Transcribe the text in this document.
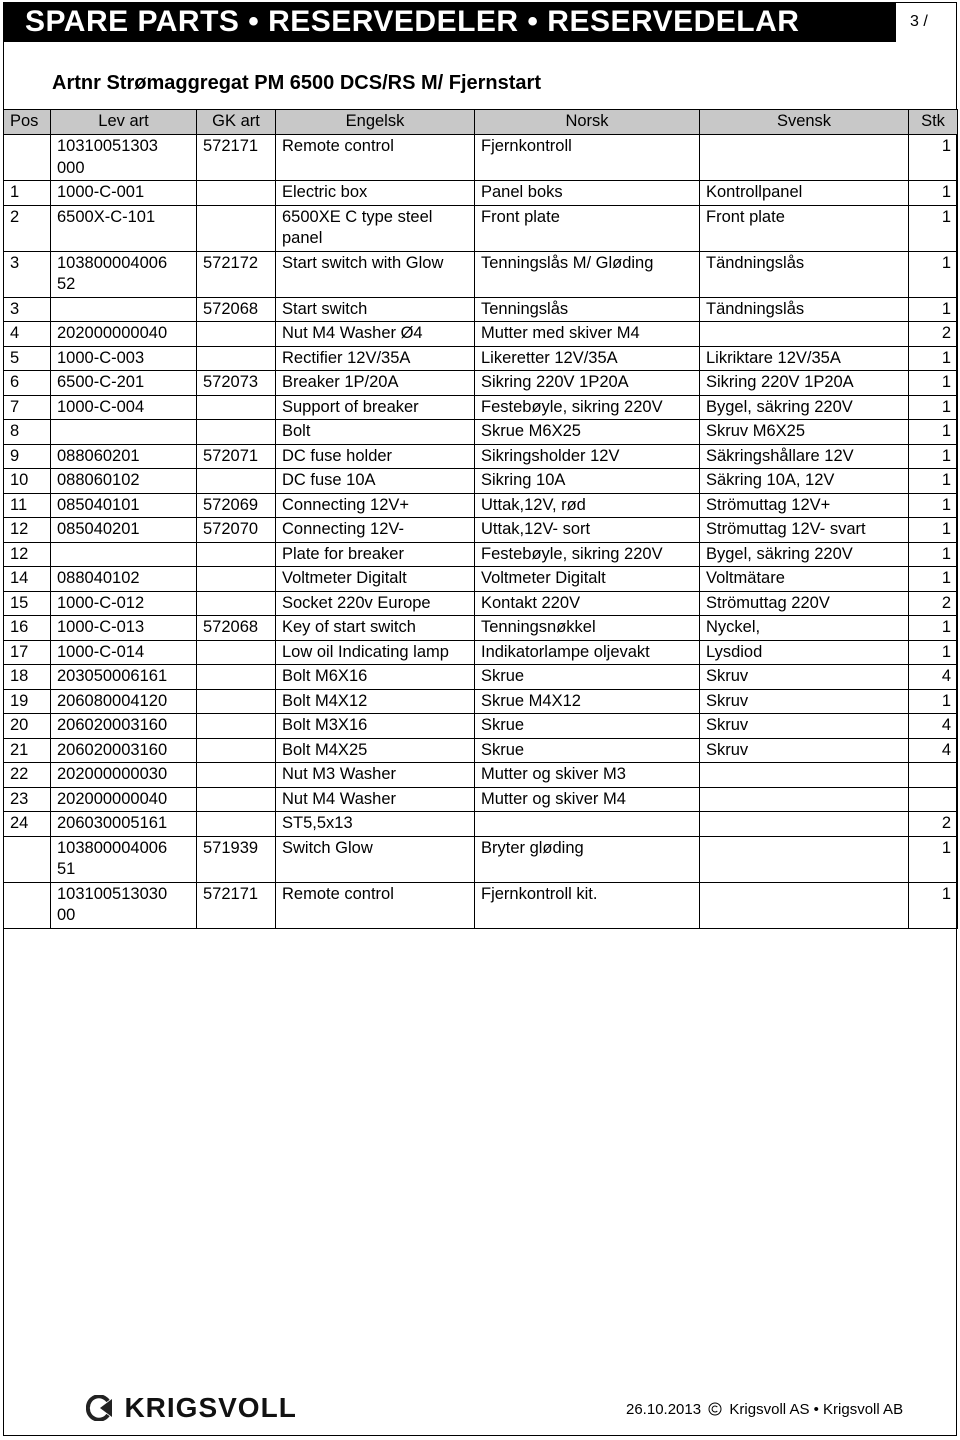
SPARE PARTS • RESERVEDELER • RESERVEDELAR	3 /
Artnr Strømaggregat PM 6500 DCS/RS M/ Fjernstart
Pos	Lev art	GK art	Engelsk	Norsk	Svensk	Stk
	10310051303 000	572171	Remote control	Fjernkontroll		1
1	1000-C-001		Electric box	Panel boks	Kontrollpanel	1
2	6500X-C-101		6500XE C type steel panel	Front plate	Front plate	1
3	103800004006 52	572172	Start switch with Glow	Tenningslås M/ Gløding	Tändningslås	1
3		572068	Start switch	Tenningslås	Tändningslås	1
4	202000000040		Nut M4 Washer Ø4	Mutter med skiver M4		2
5	1000-C-003		Rectifier 12V/35A	Likeretter 12V/35A	Likriktare 12V/35A	1
6	6500-C-201	572073	Breaker 1P/20A	Sikring 220V 1P20A	Sikring 220V 1P20A	1
7	1000-C-004		Support of breaker	Festebøyle, sikring 220V	Bygel, säkring 220V	1
8			Bolt	Skrue M6X25	Skruv M6X25	1
9	088060201	572071	DC fuse holder	Sikringsholder 12V	Säkringshållare 12V	1
10	088060102		DC fuse 10A	Sikring 10A	Säkring 10A, 12V	1
11	085040101	572069	Connecting 12V+	Uttak,12V, rød	Strömuttag 12V+	1
12	085040201	572070	Connecting 12V-	Uttak,12V- sort	Strömuttag 12V- svart	1
12			Plate for breaker	Festebøyle, sikring 220V	Bygel, säkring 220V	1
14	088040102		Voltmeter Digitalt	Voltmeter Digitalt	Voltmätare	1
15	1000-C-012		Socket 220v Europe	Kontakt 220V	Strömuttag 220V	2
16	1000-C-013	572068	Key of start switch	Tenningsnøkkel	Nyckel,	1
17	1000-C-014		Low oil Indicating lamp	Indikatorlampe oljevakt	Lysdiod	1
18	203050006161		Bolt M6X16	Skrue	Skruv	4
19	206080004120		Bolt M4X12	Skrue M4X12	Skruv	1
20	206020003160		Bolt M3X16	Skrue	Skruv	4
21	206020003160		Bolt M4X25	Skrue	Skruv	4
22	202000000030		Nut M3 Washer	Mutter og skiver M3		
23	202000000040		Nut M4 Washer	Mutter og skiver M4		
24	206030005161		ST5,5x13			2
	103800004006 51	571939	Switch Glow	Bryter gløding		1
	103100513030 00	572171	Remote control	Fjernkontroll kit.		1
KRIGSVOLL	26.10.2013 Krigsvoll AS • Krigsvoll AB
